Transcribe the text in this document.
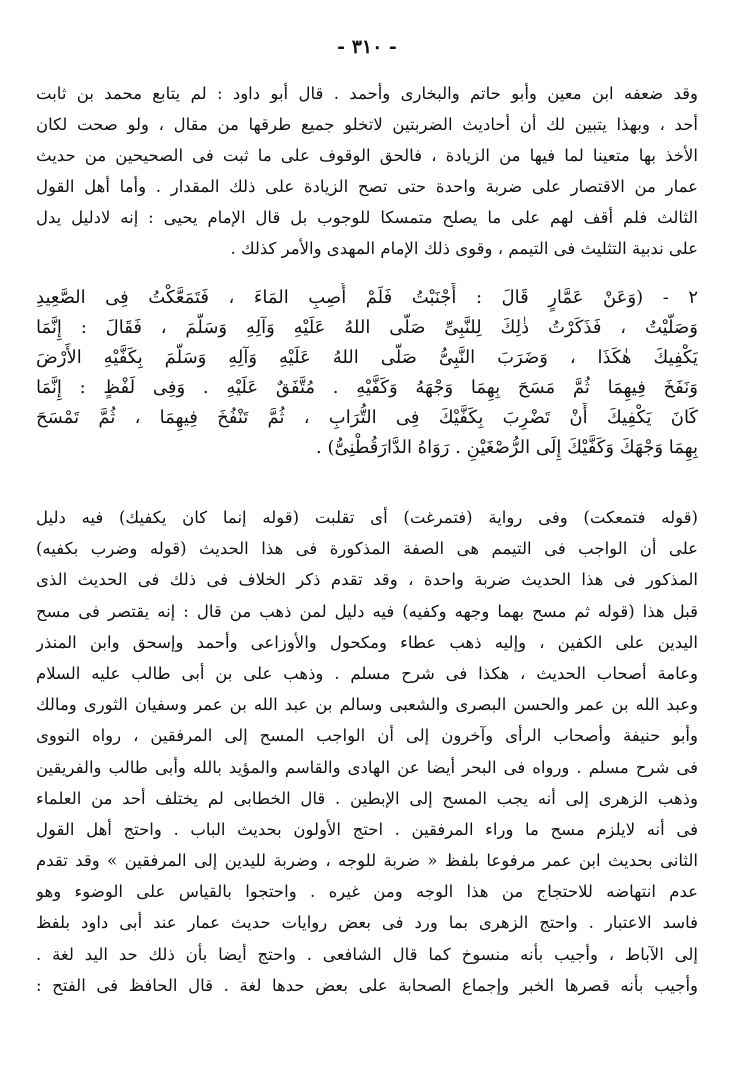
- ٣١٠ -
وقد ضعفه ابن معين وأبو حاتم والبخارى وأحمد . قال أبو داود : لم يتابع محمد بن ثابت
أحد ، وبهذا يتبين لك أن أحاديث الضربتين لاتخلو جميع طرقها من مقال ، ولو صحت لكان
الأخذ بها متعينا لما فيها من الزيادة ، فالحق الوقوف على ما ثبت فى الصحيحين من حديث
عمار من الاقتصار على ضربة واحدة حتى تصح الزيادة على ذلك المقدار . وأما أهل القول
الثالث فلم أقف لهم على ما يصلح متمسكا للوجوب بل قال الإمام يحيى : إنه لادليل يدل
على ندبية التثليث فى التيمم ، وقوى ذلك الإمام المهدى والأمر كذلك .
٢ - (وَعَنْ عَمَّارٍ قَالَ : أَجْنَبْتُ فَلَمْ أُصِبِ المَاءَ ، فَتَمَعَّكْتُ فِى الصَّعِيدِ
وَصَلَّيْتُ ، فَذَكَرْتُ ذٰلِكَ لِلنَّبِىِّ صَلَّى اللهُ عَلَيْهِ وَآلِهِ وَسَلَّمَ ، فَقَالَ : إِنَّمَا
يَكْفِيكَ هٰكَذَا ، وَضَرَبَ النَّبِىُّ صَلَّى اللهُ عَلَيْهِ وَآلِهِ وَسَلَّمَ بِكَفَّيْهِ الأَرْضَ
وَنَفَخَ فِيهِمَا ثُمَّ مَسَحَ بِهِمَا وَجْهَهُ وَكَفَّيْهِ . مُتَّفَقٌ عَلَيْهِ . وَفِى لَفْظٍ : إِنَّمَا
كَانَ يَكْفِيكَ أَنْ تَضْرِبَ بِكَفَّيْكَ فِى التُّرَابِ ، ثُمَّ تَنْفُخَ فِيهِمَا ، ثُمَّ تَمْسَحَ
بِهِمَا وَجْهَكَ وَكَفَّيْكَ إِلَى الرُّصْغَيْنِ . رَوَاهُ الدَّارَقُطْنِىُّ) .
(قوله فتمعكت) وفى رواية (فتمرغت) أى تقلبت (قوله إنما كان يكفيك) فيه دليل
على أن الواجب فى التيمم هى الصفة المذكورة فى هذا الحديث (قوله وضرب بكفيه)
المذكور فى هذا الحديث ضربة واحدة ، وقد تقدم ذكر الخلاف فى ذلك فى الحديث الذى
قبل هذا (قوله ثم مسح بهما وجهه وكفيه) فيه دليل لمن ذهب من قال : إنه يقتصر فى مسح
اليدين على الكفين ، وإليه ذهب عطاء ومكحول والأوزاعى وأحمد وإسحق وابن المنذر
وعامة أصحاب الحديث ، هكذا فى شرح مسلم . وذهب على بن أبى طالب عليه السلام
وعبد الله بن عمر والحسن البصرى والشعبى وسالم بن عبد الله بن عمر وسفيان الثورى ومالك
وأبو حنيفة وأصحاب الرأى وآخرون إلى أن الواجب المسح إلى المرفقين ، رواه النووى
فى شرح مسلم . ورواه فى البحر أيضا عن الهادى والقاسم والمؤيد بالله وأبى طالب والفريقين
وذهب الزهرى إلى أنه يجب المسح إلى الإبطين . قال الخطابى لم يختلف أحد من العلماء
فى أنه لايلزم مسح ما وراء المرفقين . احتج الأولون بحديث الباب . واحتج أهل القول
الثانى بحديث ابن عمر مرفوعا بلفظ « ضربة للوجه ، وضربة لليدين إلى المرفقين » وقد تقدم
عدم انتهاضه للاحتجاج من هذا الوجه ومن غيره . واحتجوا بالقياس على الوضوء وهو
فاسد الاعتبار . واحتج الزهرى بما ورد فى بعض روايات حديث عمار عند أبى داود بلفظ
إلى الآباط ، وأجيب بأنه منسوخ كما قال الشافعى . واحتج أيضا بأن ذلك حد اليد لغة .
وأجيب بأنه قصرها الخبر وإجماع الصحابة على بعض حدها لغة . قال الحافظ فى الفتح :
